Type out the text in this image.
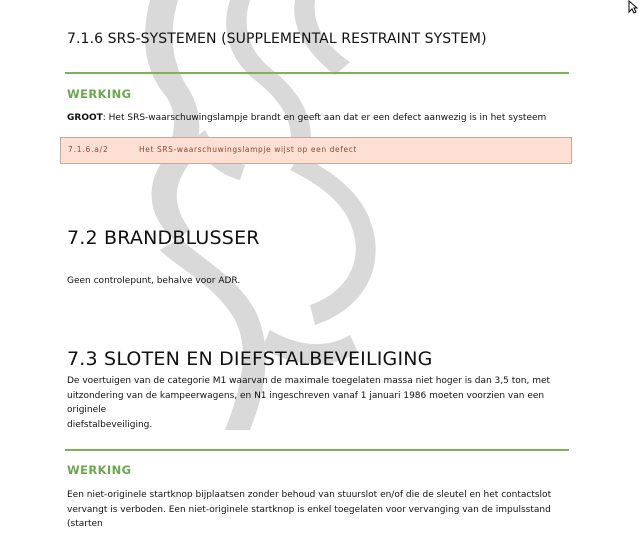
7.1.6 SRS-SYSTEMEN (SUPPLEMENTAL RESTRAINT SYSTEM)
WERKING
GROOT: Het SRS-waarschuwingslampje brandt en geeft aan dat er een defect aanwezig is in het systeem
7.1.6.a/2	Het SRS-waarschuwingslampje wijst op een defect
7.2 BRANDBLUSSER
Geen controlepunt, behalve voor ADR.
7.3 SLOTEN EN DIEFSTALBEVEILIGING
De voertuigen van de categorie M1 waarvan de maximale toegelaten massa niet hoger is dan 3,5 ton, met
uitzondering van de kampeerwagens, en N1 ingeschreven vanaf 1 januari 1986 moeten voorzien van een originele
diefstalbeveiliging.
WERKING
Een niet-originele startknop bijplaatsen zonder behoud van stuurslot en/of die de sleutel en het contactslot
vervangt is verboden. Een niet-originele startknop is enkel toegelaten voor vervanging van de impulsstand (starten
